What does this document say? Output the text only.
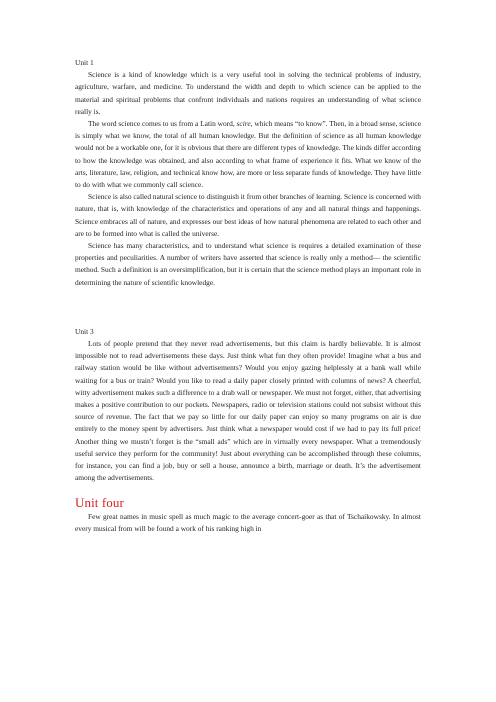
Unit 1

Science is a kind of knowledge which is a very useful tool in solving the technical problems of industry, agriculture, warfare, and medicine. To understand the width and depth to which science can be applied to the material and spiritual problems that confront individuals and nations requires an understanding of what science really is.

The word science comes to us from a Latin word, scire, which means “to know”. Then, in a broad sense, science is simply what we know, the total of all human knowledge. But the definition of science as all human knowledge would not be a workable one, for it is obvious that there are different types of knowledge. The kinds differ according to how the knowledge was obtained, and also according to what frame of experience it fits. What we know of the arts, literature, law, religion, and technical know how, are more or less separate funds of knowledge. They have little to do with what we commonly call science.

Science is also called natural science to distinguish it from other branches of learning. Science is concerned with nature, that is, with knowledge of the characteristics and operations of any and all natural things and happenings. Science embraces all of nature, and expresses our best ideas of how natural phenomena are related to each other and are to be formed into what is called the universe.

Science has many characteristics, and to understand what science is requires a detailed examination of these properties and peculiarities. A number of writers have asserted that science is really only a method— the scientific method. Such a definition is an oversimplification, but it is certain that the science method plays an important role in determining the nature of scientific knowledge.

Unit 3

Lots of people pretend that they never read advertisements, but this claim is hardly believable. It is almost impossible not to read advertisements these days. Just think what fun they often provide! Imagine what a bus and railway station would be like without advertisements? Would you enjoy gazing helplessly at a bank wall while waiting for a bus or train? Would you like to read a daily paper closely printed with columns of news? A cheerful, witty advertisement makes such a difference to a drab wall or newspaper. We must not forget, either, that advertising makes a positive contribution to our pockets. Newspapers, radio or television stations could not subsist without this source of revenue. The fact that we pay so little for our daily paper can enjoy so many programs on air is due entirely to the money spent by advertisers. Just think what a newspaper would cost if we had to pay its full price! Another thing we mustn’t forget is the “small ads” which are in virtually every newspaper. What a tremendously useful service they perform for the community! Just about everything can be accomplished through these columns, for instance, you can find a job, buy or sell a house, announce a birth, marriage or death. It’s the advertisement among the advertisements.

Unit four

Few great names in music spell as much magic to the average concert-goer as that of Tschaikowsky. In almost every musical from will be found a work of his ranking high in
